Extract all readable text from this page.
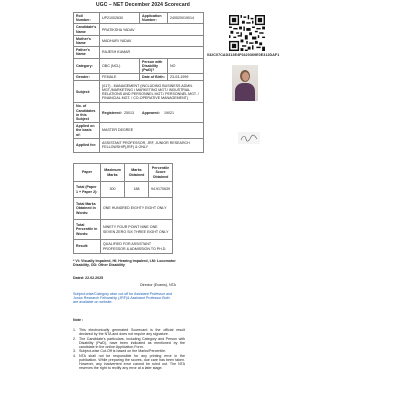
UGC – NET December 2024 Scorecard
Roll Number:	UP21002630	Application Number:	240520019014
Candidate's Name	PRATIKSHA YADAV		
Mother's Name	MADHURI YADAV		
Father's Name	RAJESH KUMAR		
Category:	OBC (NCL)	Person with Disability (PwD)?	NO
Gender:	FEMALE	Date of Birth:	23-03-1999
Subject:	(017) - MANAGEMENT (INCLUDING BUSINESS ADMN. MGT./MARKETING / MARKETING MGT./ INDUSTRIAL RELATIONS AND PERSONNEL MGT./ PERSONNEL MGT. / FINANCIAL MGT. / CO-OPERATIVE MANAGEMENT)		
No. of Candidates in this Subject	Registered: 25013 Appeared: 19021		

Applied on the basis of:	MASTER DEGREE		
Applied for:	ASSISTANT PROFESSOR, JRF, JUNIOR RESEARCH FELLOWSHIP(JRF) & ONLY		
032C07CAD313E4F0420369E0E312DAF1
Paper	Maximum Marks	Marks Obtained	Percentile Score Obtained
Total (Paper 1 + Paper 2):	300	188	94.9170639
Total Marks Obtained in Words:	ONE HUNDRED EIGHTY EIGHT ONLY		
Total Percentile in Words:	NINETY FOUR POINT NINE ONE SEVEN ZERO SIX THREE EIGHT ONLY		
Result:	QUALIFIED FOR ASSISTANT PROFESSOR & ADMISSION TO PH.D.		
* VI: Visually Impaired, HI: Hearing Impaired, LM: Locomotor Disability, OD: Other Disability
Dated: 22.02.2025
Director (Exams), NTA
Subject-wise/Category wise cut-off for Assistant Professor and Junior Research Fellowship (JRF)& Assistant Professor Both are available on website.
Note :
1. This electronically generated Scorecard is the official result declared by the NTA and does not require any signature.
2. The Candidate's particulars, including Category and Person with Disability (PwD), have been indicated as mentioned by the candidate in the online Application Form.
3. Subject-wise Cut-Off is based on the Marks/Percentile.
4. NTA shall not be responsible for any printing error in the publication. While preparing the scores, due care has been taken. However, any inadvertent error cannot be ruled out. The NTA reserves the right to rectify any error at a later stage.
